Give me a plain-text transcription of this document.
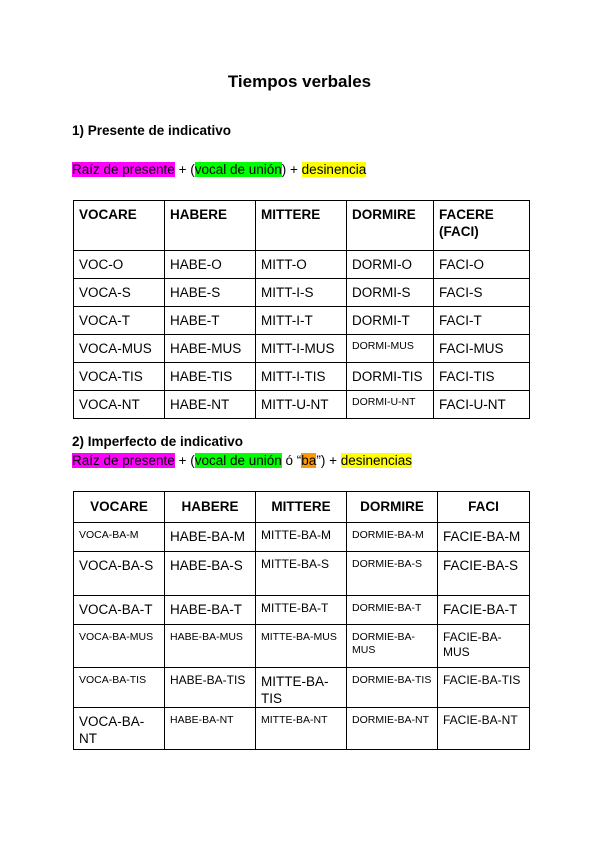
Tiempos verbales
1) Presente de indicativo
Raíz de presente + (vocal de unión) + desinencia
VOCARE	HABERE	MITTERE	DORMIRE	FACERE (FACI)
VOC-O	HABE-O	MITT-O	DORMI-O	FACI-O
VOCA-S	HABE-S	MITT-I-S	DORMI-S	FACI-S
VOCA-T	HABE-T	MITT-I-T	DORMI-T	FACI-T
VOCA-MUS	HABE-MUS	MITT-I-MUS	DORMI-MUS	FACI-MUS
VOCA-TIS	HABE-TIS	MITT-I-TIS	DORMI-TIS	FACI-TIS
VOCA-NT	HABE-NT	MITT-U-NT	DORMI-U-NT	FACI-U-NT
2) Imperfecto de indicativo
Raíz de presente + (vocal de unión ó “ba”) + desinencias
VOCARE	HABERE	MITTERE	DORMIRE	FACI
VOCA-BA-M	HABE-BA-M	MITTE-BA-M	DORMIE-BA-M	FACIE-BA-M
VOCA-BA-S	HABE-BA-S	MITTE-BA-S	DORMIE-BA-S	FACIE-BA-S
VOCA-BA-T	HABE-BA-T	MITTE-BA-T	DORMIE-BA-T	FACIE-BA-T
VOCA-BA-MUS	HABE-BA-MUS	MITTE-BA-MUS	DORMIE-BA-MUS	FACIE-BA-MUS
VOCA-BA-TIS	HABE-BA-TIS	MITTE-BA-TIS	DORMIE-BA-TIS	FACIE-BA-TIS
VOCA-BA-NT	HABE-BA-NT	MITTE-BA-NT	DORMIE-BA-NT	FACIE-BA-NT
